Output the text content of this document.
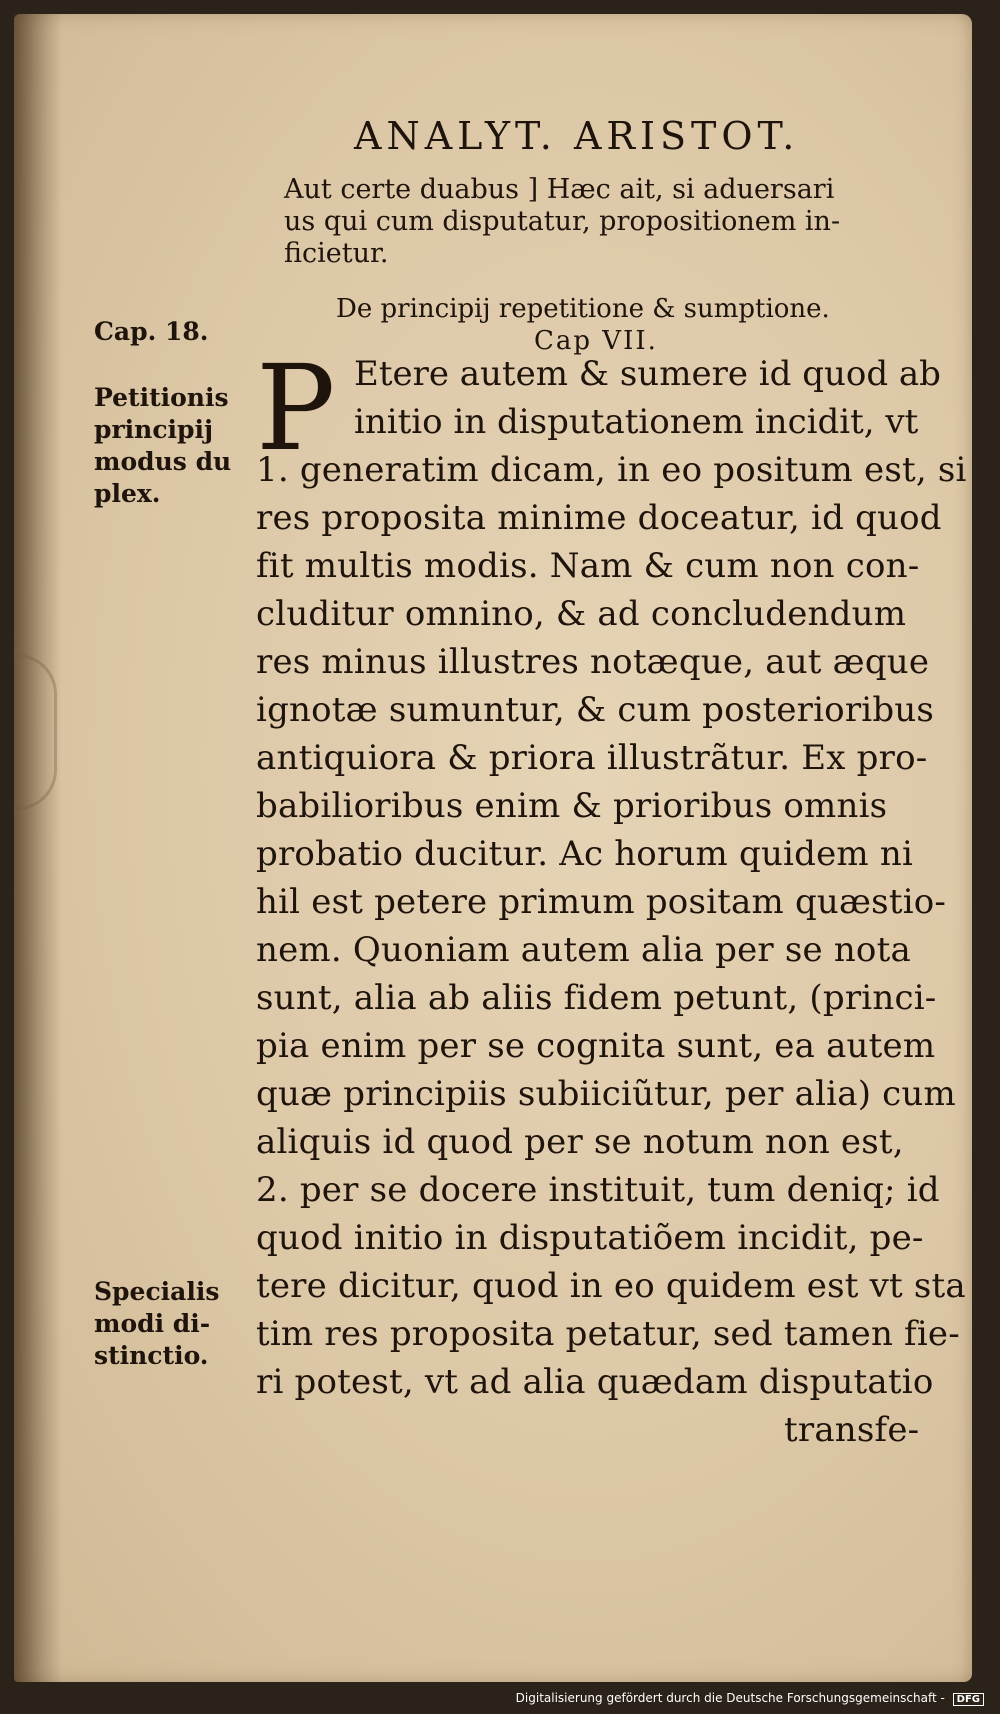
ANALYT. ARISTOT.
Aut certe duabus ] Hæc ait, si aduersari
us qui cum disputatur, propositionem in-
ficietur.
De principij repetitione & sumptione.
Cap VII.
Cap. 18.
Petitionis
principij
modus du
plex.
P Etere autem & sumere id quod ab
initio in disputationem incidit, vt
1. generatim dicam, in eo positum est, si
res proposita minime doceatur, id quod
fit multis modis. Nam & cum non con-
cluditur omnino, & ad concludendum
res minus illustres notæque, aut æque
ignotæ sumuntur, & cum posterioribus
antiquiora & priora illustrãtur. Ex pro-
babilioribus enim & prioribus omnis
probatio ducitur. Ac horum quidem ni
hil est petere primum positam quæstio-
nem. Quoniam autem alia per se nota
sunt, alia ab aliis fidem petunt, (princi-
pia enim per se cognita sunt, ea autem
quæ principiis subiiciũtur, per alia) cum
aliquis id quod per se notum non est,
2. per se docere instituit, tum deniq; id
quod initio in disputatiõem incidit, pe-
tere dicitur, quod in eo quidem est vt sta
tim res proposita petatur, sed tamen fie-
ri potest, vt ad alia quædam disputatio
transfe-
Specialis
modi di-
stinctio.
Digitalisierung gefördert durch die Deutsche Forschungsgemeinschaft - DFG
